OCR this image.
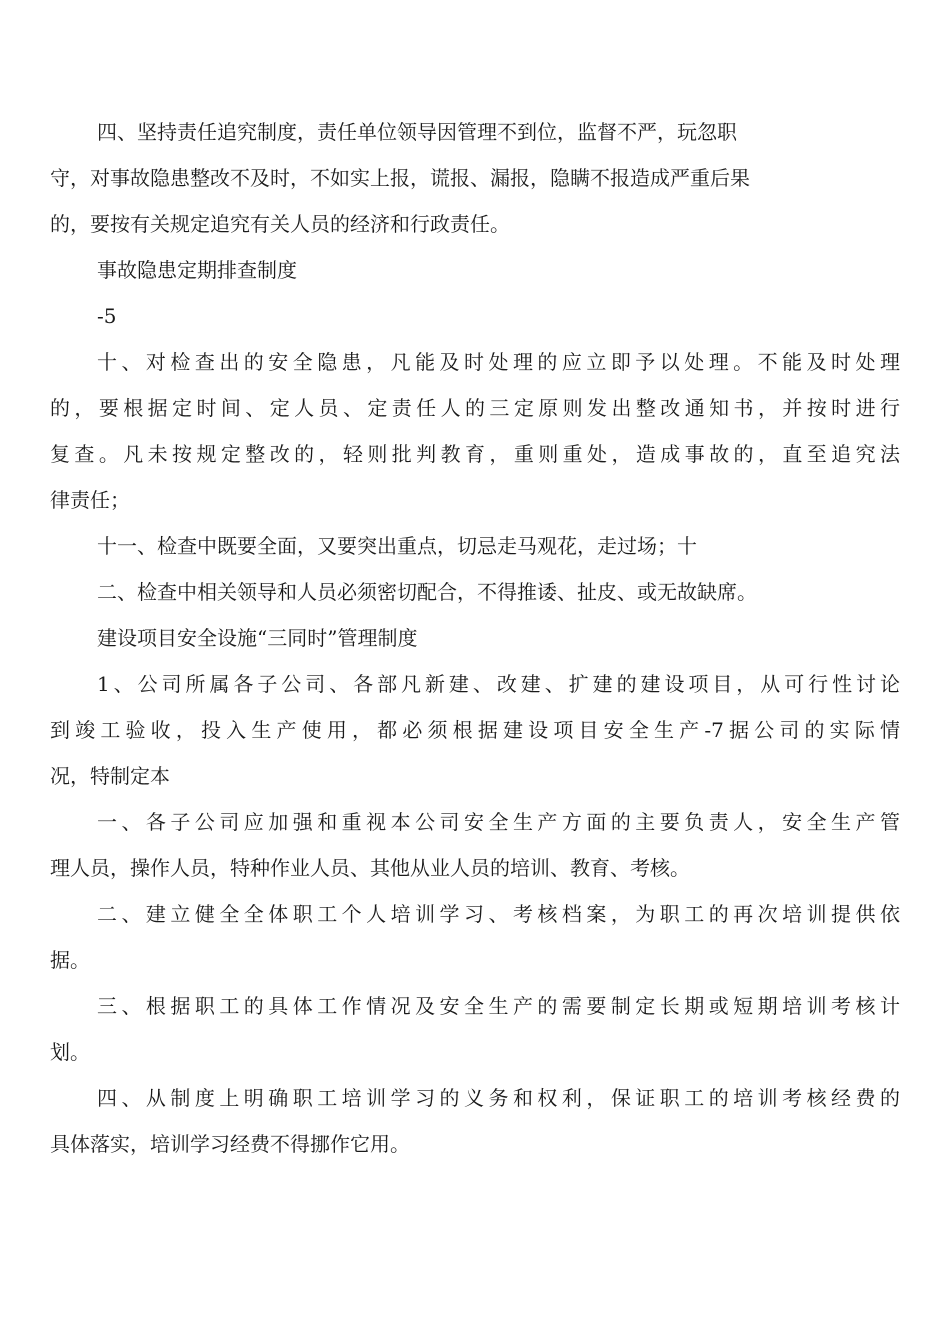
四、坚持责任追究制度，责任单位领导因管理不到位，监督不严，玩忽职

守，对事故隐患整改不及时，不如实上报，谎报、漏报，隐瞒不报造成严重后果

的，要按有关规定追究有关人员的经济和行政责任。

事故隐患定期排查制度

-5

十、对检查出的安全隐患，凡能及时处理的应立即予以处理。不能及时处理

的，要根据定时间、定人员、定责任人的三定原则发出整改通知书，并按时进行

复查。凡未按规定整改的，轻则批判教育，重则重处，造成事故的，直至追究法

律责任；

十一、检查中既要全面，又要突出重点，切忌走马观花，走过场；十

二、检查中相关领导和人员必须密切配合，不得推诿、扯皮、或无故缺席。

建设项目安全设施“三同时”管理制度

1、公司所属各子公司、各部凡新建、改建、扩建的建设项目，从可行性讨论

到竣工验收，投入生产使用，都必须根据建设项目安全生产-7据公司的实际情

况，特制定本

一、各子公司应加强和重视本公司安全生产方面的主要负责人，安全生产管

理人员，操作人员，特种作业人员、其他从业人员的培训、教育、考核。

二、建立健全全体职工个人培训学习、考核档案，为职工的再次培训提供依

据。

三、根据职工的具体工作情况及安全生产的需要制定长期或短期培训考核计

划。

四、从制度上明确职工培训学习的义务和权利，保证职工的培训考核经费的

具体落实，培训学习经费不得挪作它用。
